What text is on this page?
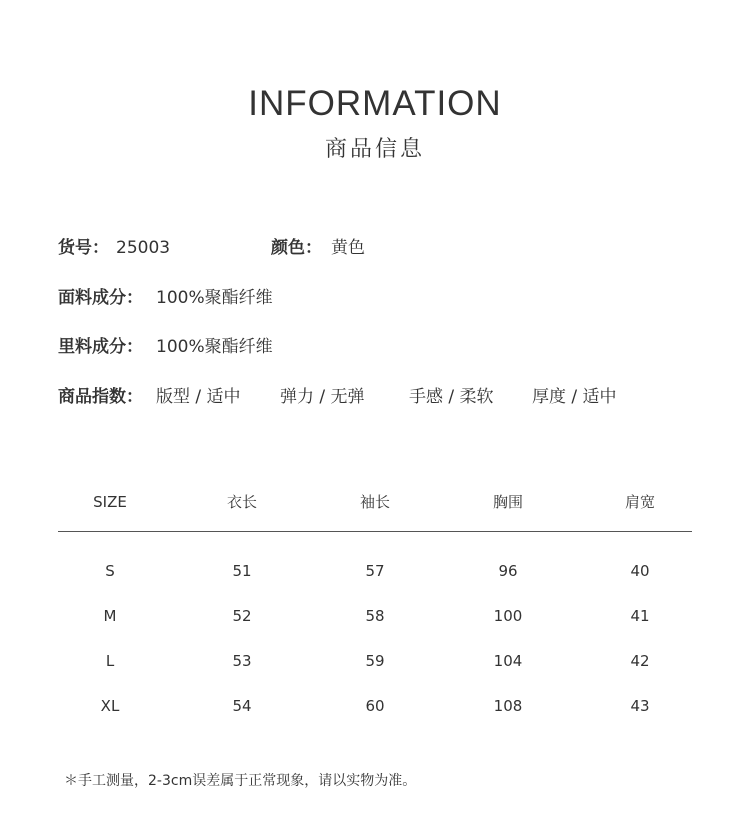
INFORMATION
商品信息
货号： 25003	颜色： 黄色
面料成分： 100%聚酯纤维
里料成分： 100%聚酯纤维
商品指数： 版型 / 适中 弹力 / 无弹	手感 / 柔软 厚度 / 适中
SIZE	衣长	袖长	胸围	肩宽
S	51	57	96	40
M	52	58	100	41
L	53	59	104	42
XL	54	60	108	43
＊手工测量，2-3cm误差属于正常现象，请以实物为准。
